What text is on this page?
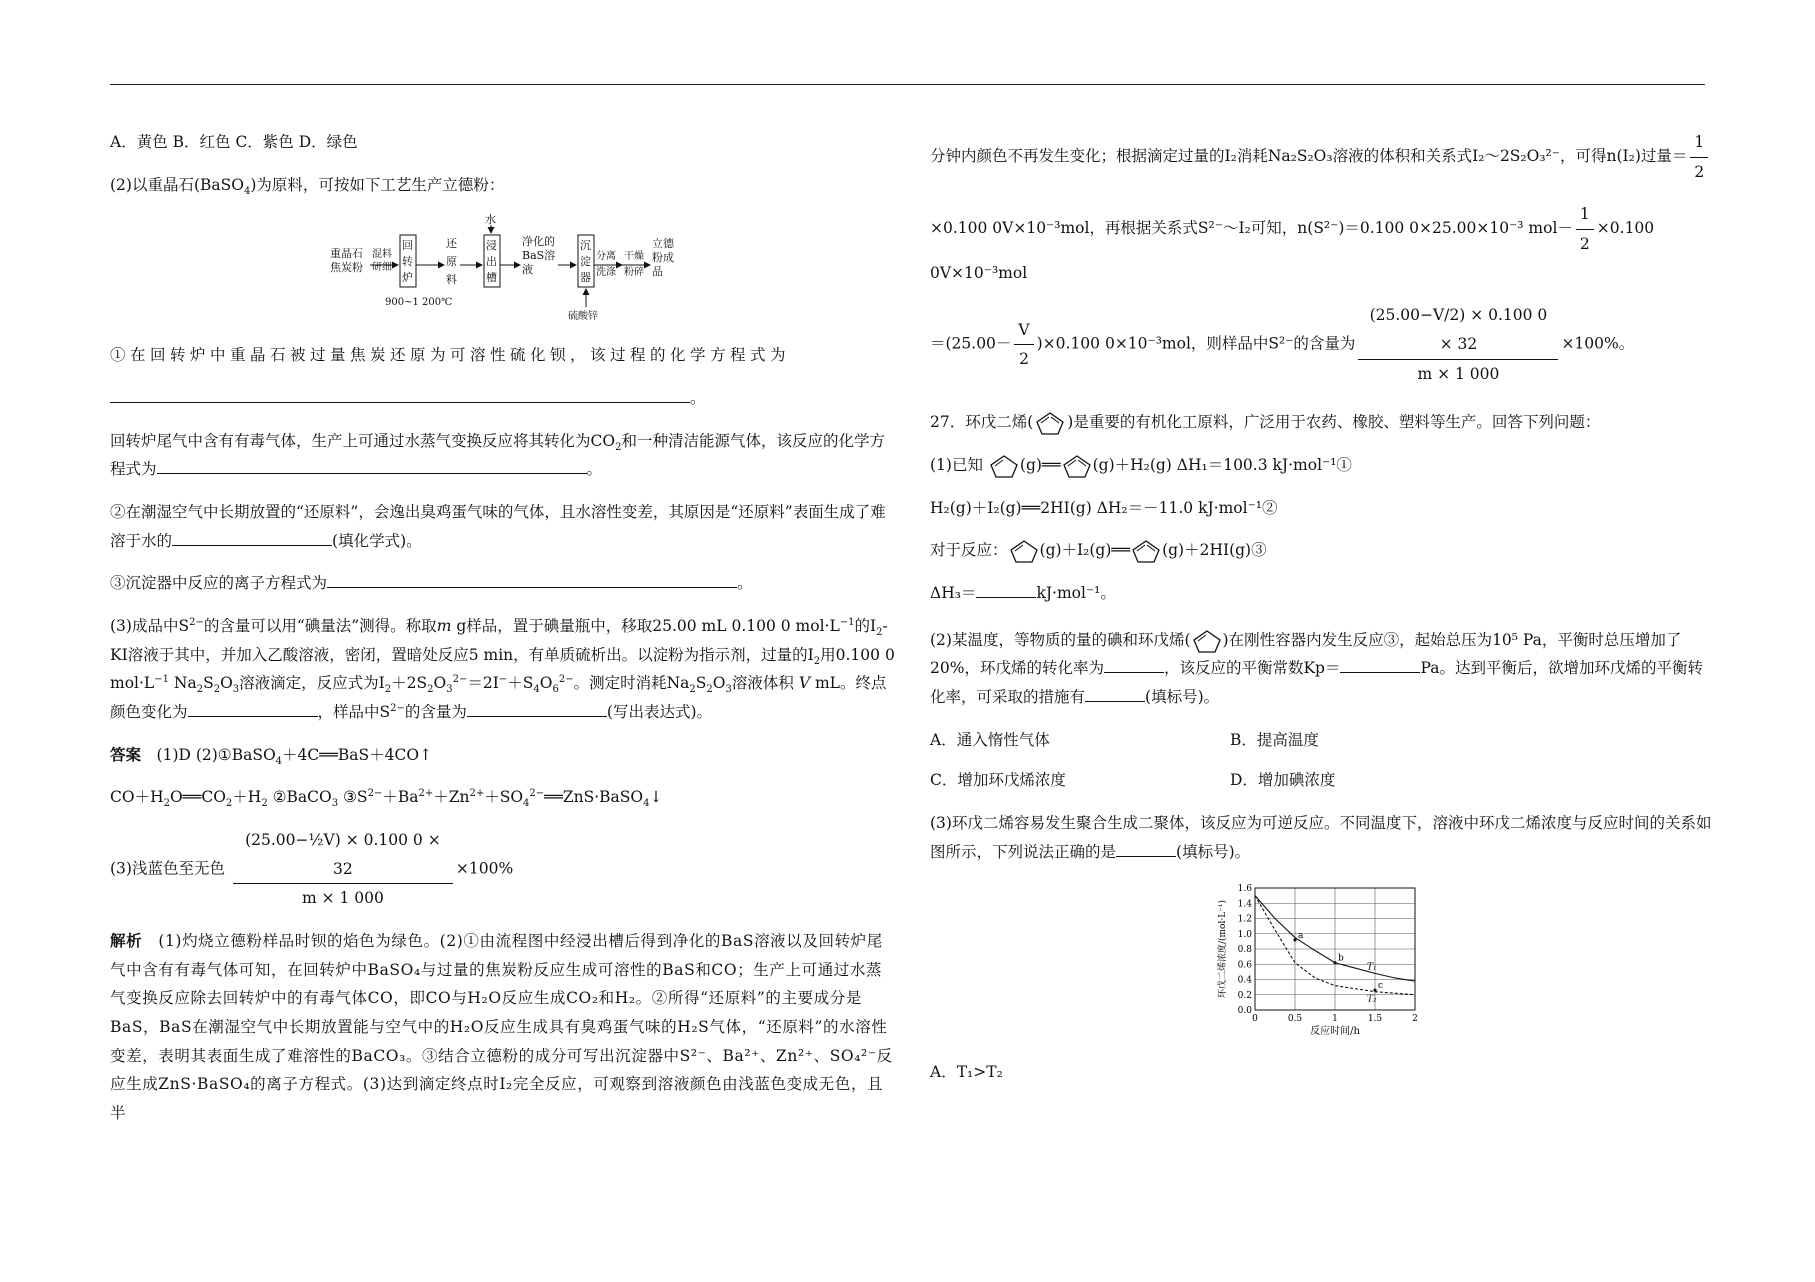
A．黄色 B．红色 C．紫色 D．绿色

(2)以重晶石(BaSO$_4$)为原料，可按如下工艺生产立德粉：

重晶石
焦炭粉
混料
研细
回
转
炉
900~1 200℃
还
原
料
水
浸
出
槽
净化的
BaS溶
液
沉
淀
器
硫酸锌
分离
洗涤
干燥
粉碎
立德
粉成
品

①在回转炉中重晶石被过量焦炭还原为可溶性硫化钡，该过程的化学方程式为

。

回转炉尾气中含有有毒气体，生产上可通过水蒸气变换反应将其转化为$CO_2$和一种清洁能源气体，该反应的化学方程式为	。

②在潮湿空气中长期放置的“还原料”，会逸出臭鸡蛋气味的气体，且水溶性变差，其原因是“还原料”表面生成了难溶于水的	(填化学式)。

③沉淀器中反应的离子方程式为	。

(3)成品中$S^{2-}$的含量可以用“碘量法”测得。称取m g样品，置于碘量瓶中，移取25.00 mL 0.100 0 $mol\cdot L^{-1}$的$I_2-KI$溶液于其中，并加入乙酸溶液，密闭，置暗处反应5 min，有单质硫析出。以淀粉为指示剂，过量的$I_2$用0.100 0 $mol\cdot L^{-1}$ $Na_2S_2O_3$溶液滴定，反应式为$I_2+2S_2O_3^{2-}=2I^-+S_4O_6^{2-}$。测定时消耗$Na_2S_2O_3$溶液体积 V mL。终点颜色变化为	，样品中$S^{2-}$的含量为	(写出表达式)。

答案　 (1)D (2)①BaSO$_4$＋4C══BaS＋4CO↑

$CO+H_2O══CO_2+H_2$ ②BaCO$_3$ $③S^{2-}+Ba^{2+}+Zn^{2+}+SO_4^{2-}══ZnS\cdot BaSO_4↓$

(3)浅蓝色至无色 $\frac{\text{(25.00−½V) × 0.100 0 × 32}}{m \times 1 000} \times 100\%$

解析　 (1)灼烧立德粉样品时钡的焰色为绿色。(2)①由流程图中经浸出槽后得到净化的BaS溶液以及回转炉尾气中含有有毒气体可知，在回转炉中BaSO₄与过量的焦炭粉反应生成可溶性的BaS和CO；生产上可通过水蒸气变换反应除去回转炉中的有毒气体CO，即CO与H₂O反应生成CO₂和H₂。②所得“还原料”的主要成分是BaS，BaS在潮湿空气中长期放置能与空气中的H₂O反应生成具有臭鸡蛋气味的H₂S气体，“还原料”的水溶性变差，表明其表面生成了难溶性的BaCO₃。③结合立德粉的成分可写出沉淀器中S²⁻、Ba²⁺、Zn²⁺、SO₄²⁻反应生成ZnS·BaSO₄的离子方程式。(3)达到滴定终点时I₂完全反应，可观察到溶液颜色由浅蓝色变成无色，且半

分钟内颜色不再发生变化；根据滴定过量的I₂消耗Na₂S₂O₃溶液的体积和关系式I₂～2S₂O₃²⁻，可得n(I₂)过量＝ $\frac{1}{2}$

×0.100 0V×10⁻³mol，再根据关系式S²⁻～I₂可知，n(S²⁻)＝0.100 0×25.00×10⁻³ $mol- \frac{1}{2} \times 0.100$ 0V×10⁻³mol

$=(25.00- \frac{V}{2} )\times 0.100$ 0×10⁻³mol，则样品中S²⁻的含量为 $\frac{(25.00-V/2) \times 0.100 0 \times 32}{m \times 1 000} \times 100\%$。

27．环戊二烯( )是重要的有机化工原料，广泛用于农药、橡胶、塑料等生产。回答下列问题：

(1)已知 (g)══ (g)＋H₂(g) ΔH₁＝100.3 kJ·mol⁻¹①

H₂(g)＋I₂(g)══2HI(g) ΔH₂＝－11.0 kJ·mol⁻¹②

对于反应： (g)＋I₂(g)══ (g)＋2HI(g)③

ΔH₃＝	kJ·mol⁻¹。

(2)某温度，等物质的量的碘和环戊烯( )在刚性容器内发生反应③，起始总压为10⁵ Pa，平衡时总压增加了20%，环戊烯的转化率为	，该反应的平衡常数Kp＝	Pa。达到平衡后，欲增加环戊烯的平衡转化率，可采取的措施有	(填标号)。

A．通入惰性气体	B．提高温度
C．增加环戊烯浓度	D．增加碘浓度

(3)环戊二烯容易发生聚合生成二聚体，该反应为可逆反应。不同温度下，溶液中环戊二烯浓度与反应时间的关系如图所示，下列说法正确的是	(填标号)。

0	0.5	1	1.5	2
0.0
0.2
0.4
0.6
0.8
1.0
1.2
1.4
1.6
反应时间/h
环戊二烯浓度/(mol·L⁻¹)	T₁
T₂
a
b
c

A．T₁>T₂
